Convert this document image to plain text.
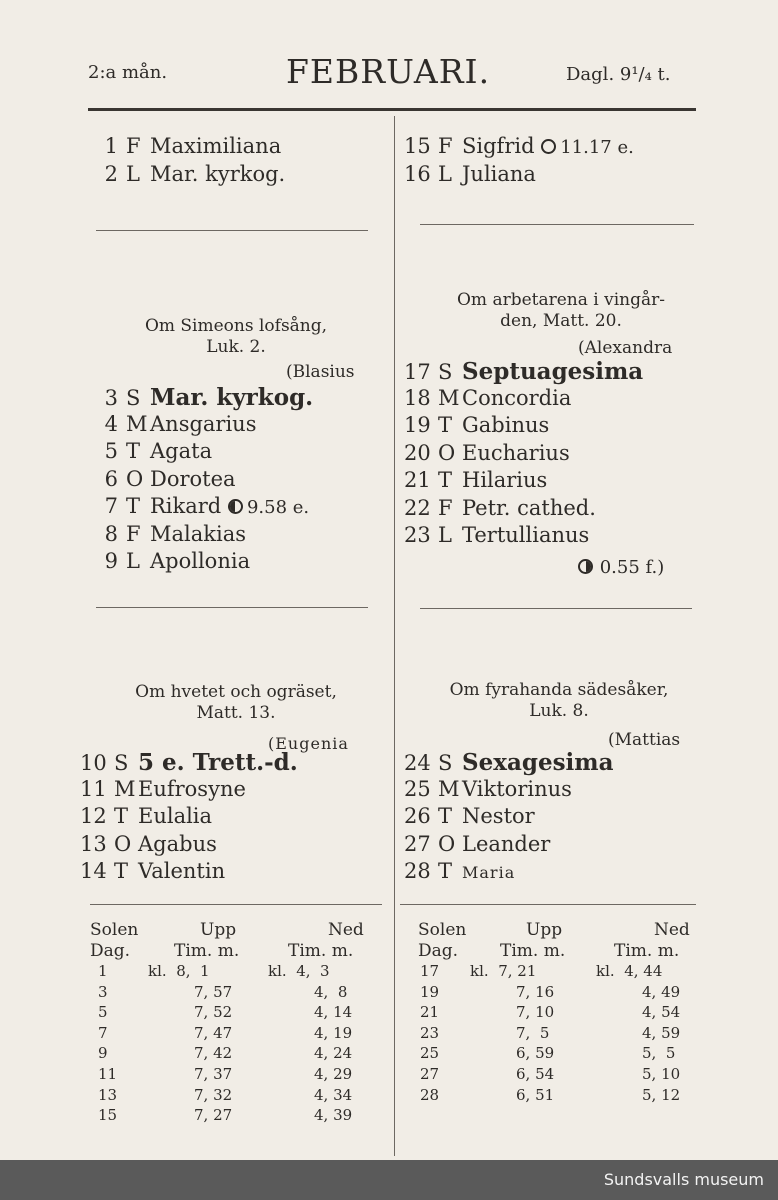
2:a mån.	FEBRUARI.	Dagl. 9¹/₄ t.
1 F Maximiliana
2 L Mar. kyrkog.
Om Simeons lofsång,
Luk. 2.
(Blasius
3 S Mar. kyrkog.
4 M Ansgarius
5 T Agata
6 O Dorotea
7 T Rikard 9.58 e.
8 F Malakias
9 L Apollonia
Om hvetet och ogräset,
Matt. 13.
(Eugenia
10 S 5 e. Trett.-d.
11 M Eufrosyne
12 T Eulalia
13 O Agabus
14 T Valentin
15 F Sigfrid 11.17 e.
16 L Juliana
Om arbetarena i vingår-
den, Matt. 20.
(Alexandra
17 S Septuagesima
18 M Concordia
19 T Gabinus
20 O Eucharius
21 T Hilarius
22 F Petr. cathed.
23 L Tertullianus
0.55 f.)
Om fyrahanda sädesåker,
Luk. 8.
(Mattias
24 S Sexagesima
25 M Viktorinus
26 T Nestor
27 O Leander
28 T Maria
Solen	Upp	Ned
Dag.	Tim. m.	Tim. m.
1	kl.  8,  1	kl.  4,  3
3	7, 57	4,  8
5	7, 52	4, 14
7	7, 47	4, 19
9	7, 42	4, 24
11	7, 37	4, 29
13	7, 32	4, 34
15	7, 27	4, 39
Solen	Upp	Ned
Dag. Tim. m.	Tim. m.
17 kl.  7, 21	kl.  4, 44
19	7, 16	4, 49
21	7, 10	4, 54
23	7,  5	4, 59
25	6, 59	5,  5
27	6, 54	5, 10
28	6, 51	5, 12
Sundsvalls museum
